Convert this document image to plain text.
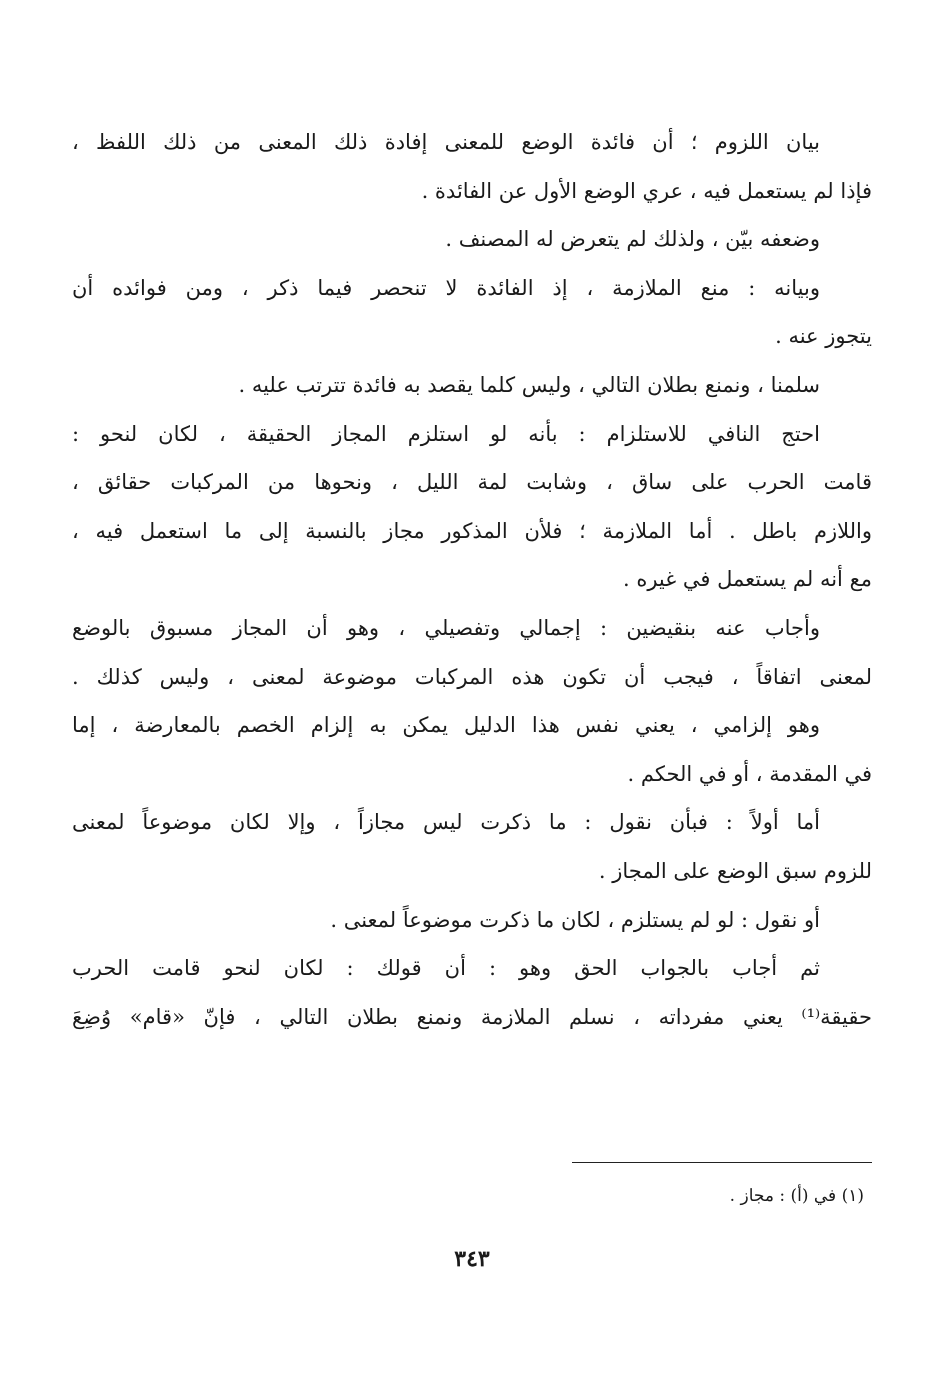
بيان اللزوم ؛ أن فائدة الوضع للمعنى إفادة ذلك المعنى من ذلك اللفظ ،
فإذا لم يستعمل فيه ، عري الوضع الأول عن الفائدة .
وضعفه بيّن ، ولذلك لم يتعرض له المصنف .
وبيانه : منع الملازمة ، إذ الفائدة لا تنحصر فيما ذكر ، ومن فوائده أن
يتجوز عنه .
سلمنا ، ونمنع بطلان التالي ، وليس كلما يقصد به فائدة تترتب عليه .
احتج النافي للاستلزام : بأنه لو استلزم المجاز الحقيقة ، لكان لنحو :
قامت الحرب على ساق ، وشابت لمة الليل ، ونحوها من المركبات حقائق ،
واللازم باطل . أما الملازمة ؛ فلأن المذكور مجاز بالنسبة إلى ما استعمل فيه ،
مع أنه لم يستعمل في غيره .
وأجاب عنه بنقيضين : إجمالي وتفصيلي ، وهو أن المجاز مسبوق بالوضع
لمعنى اتفاقاً ، فيجب أن تكون هذه المركبات موضوعة لمعنى ، وليس كذلك .
وهو إلزامي ، يعني نفس هذا الدليل يمكن به إلزام الخصم بالمعارضة ، إما
في المقدمة ، أو في الحكم .
أما أولاً : فبأن نقول : ما ذكرت ليس مجازاً ، وإلا لكان موضوعاً لمعنى
للزوم سبق الوضع على المجاز .
أو نقول : لو لم يستلزم ، لكان ما ذكرت موضوعاً لمعنى .
ثم أجاب بالجواب الحق وهو : أن قولك : لكان لنحو قامت الحرب
حقيقة⁽¹⁾ يعني مفرداته ، نسلم الملازمة ونمنع بطلان التالي ، فإنّ «قام» وُضِعَ
(١) في (أ) : مجاز .
٣٤٣
